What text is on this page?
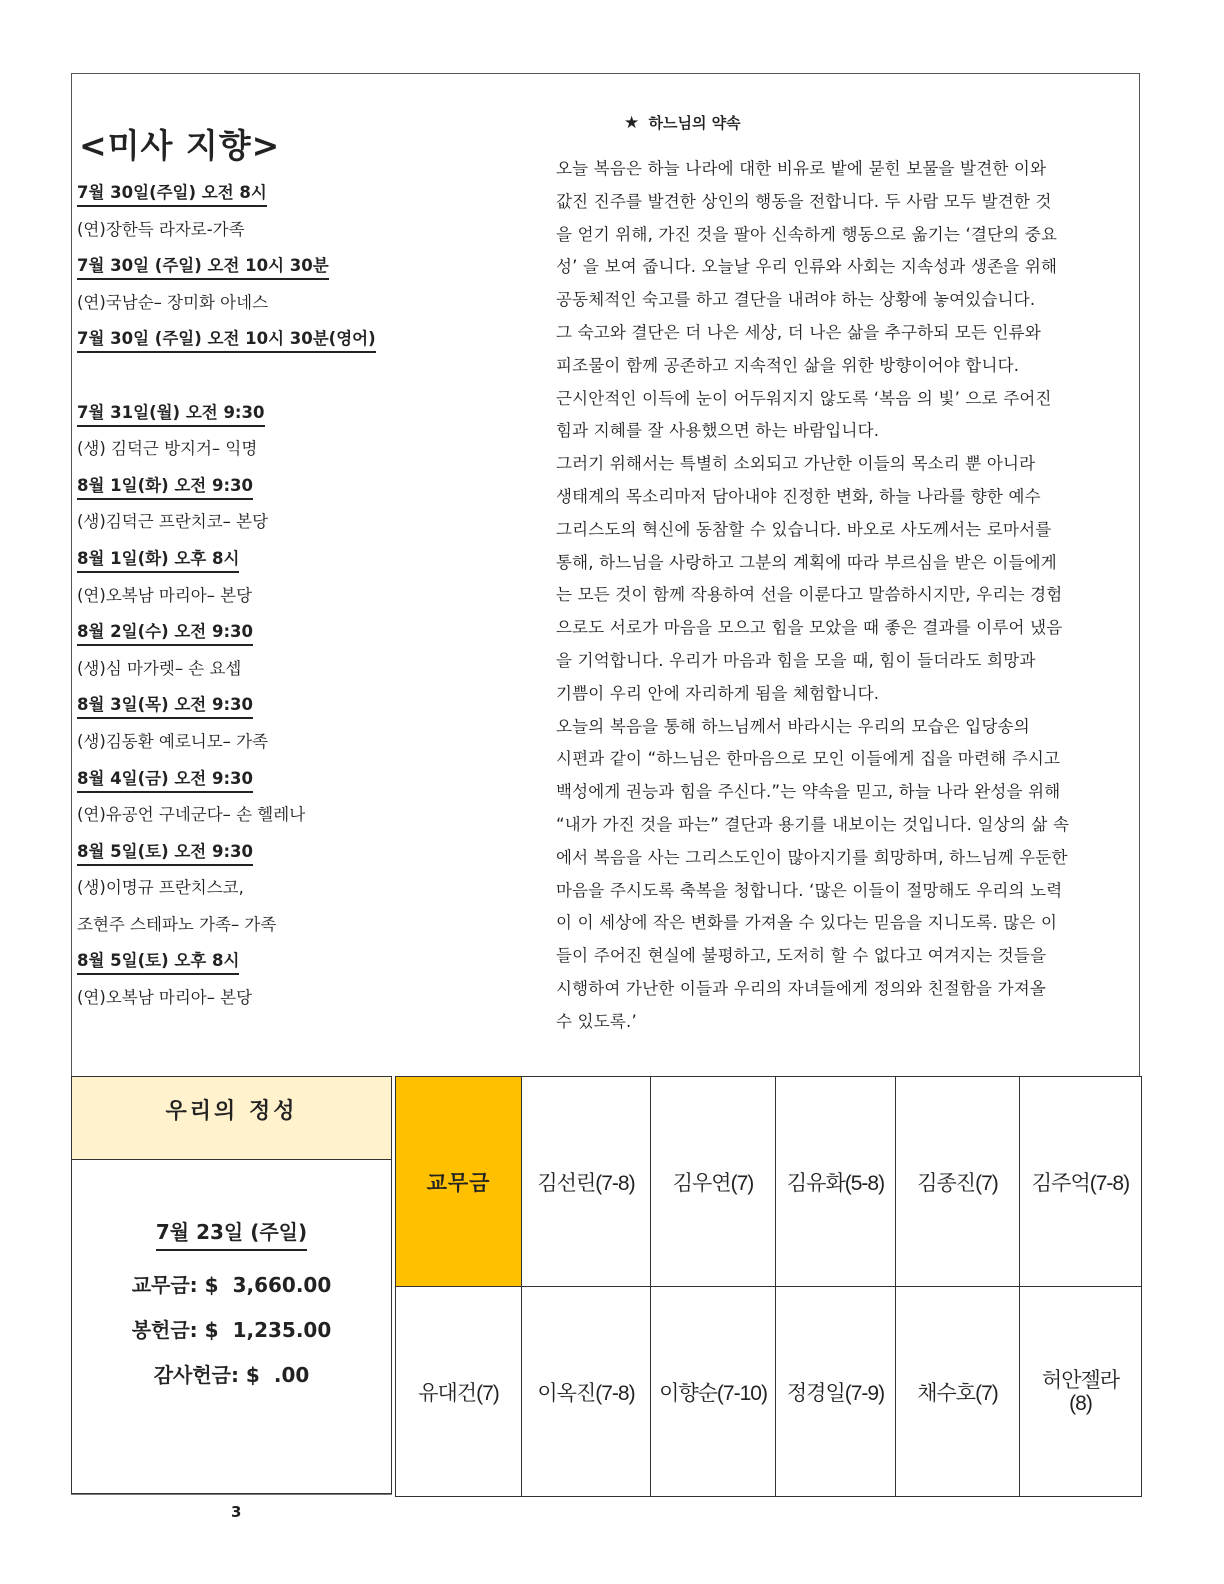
<미사 지향>
7월 30일(주일) 오전 8시
(연)장한득 라자로-가족
7월 30일 (주일) 오전 10시 30분
(연)국남순– 장미화 아네스
7월 30일 (주일) 오전 10시 30분(영어)
7월 31일(월) 오전 9:30
(생) 김덕근 방지거– 익명
8월 1일(화) 오전 9:30
(생)김덕근 프란치코– 본당
8월 1일(화) 오후 8시
(연)오복남 마리아– 본당
8월 2일(수) 오전 9:30
(생)심 마가렛– 손 요셉
8월 3일(목) 오전 9:30
(생)김동환 예로니모– 가족
8월 4일(금) 오전 9:30
(연)유공언 구네군다– 손 헬레나
8월 5일(토) 오전 9:30
(생)이명규 프란치스코,
조현주 스테파노 가족– 가족
8월 5일(토) 오후 8시
(연)오복남 마리아– 본당
★ 하느님의 약속
오늘 복음은 하늘 나라에 대한 비유로 밭에 묻힌 보물을 발견한 이와
값진 진주를 발견한 상인의 행동을 전합니다. 두 사람 모두 발견한 것
을 얻기 위해, 가진 것을 팔아 신속하게 행동으로 옮기는 ‘결단의 중요
성’ 을 보여 줍니다. 오늘날 우리 인류와 사회는 지속성과 생존을 위해
공동체적인 숙고를 하고 결단을 내려야 하는 상황에 놓여있습니다.
그 숙고와 결단은 더 나은 세상, 더 나은 삶을 추구하되 모든 인류와
피조물이 함께 공존하고 지속적인 삶을 위한 방향이어야 합니다.
근시안적인 이득에 눈이 어두워지지 않도록 ‘복음 의 빛’ 으로 주어진
힘과 지혜를 잘 사용했으면 하는 바람입니다.
그러기 위해서는 특별히 소외되고 가난한 이들의 목소리 뿐 아니라
생태계의 목소리마저 담아내야 진정한 변화, 하늘 나라를 향한 예수
그리스도의 혁신에 동참할 수 있습니다. 바오로 사도께서는 로마서를
통해, 하느님을 사랑하고 그분의 계획에 따라 부르심을 받은 이들에게
는 모든 것이 함께 작용하여 선을 이룬다고 말씀하시지만, 우리는 경험
으로도 서로가 마음을 모으고 힘을 모았을 때 좋은 결과를 이루어 냈음
을 기억합니다. 우리가 마음과 힘을 모을 때, 힘이 들더라도 희망과
기쁨이 우리 안에 자리하게 됨을 체험합니다.
오늘의 복음을 통해 하느님께서 바라시는 우리의 모습은 입당송의
시편과 같이 “하느님은 한마음으로 모인 이들에게 집을 마련해 주시고
백성에게 권능과 힘을 주신다.”는 약속을 믿고, 하늘 나라 완성을 위해
“내가 가진 것을 파는” 결단과 용기를 내보이는 것입니다. 일상의 삶 속
에서 복음을 사는 그리스도인이 많아지기를 희망하며, 하느님께 우둔한
마음을 주시도록 축복을 청합니다. ‘많은 이들이 절망해도 우리의 노력
이 이 세상에 작은 변화를 가져올 수 있다는 믿음을 지니도록. 많은 이
들이 주어진 현실에 불평하고, 도저히 할 수 없다고 여겨지는 것들을
시행하여 가난한 이들과 우리의 자녀들에게 정의와 친절함을 가져올
수 있도록.’
우리의 정성
7월 23일 (주일)
교무금: $ 3,660.00
봉헌금: $ 1,235.00
감사헌금: $ .00
교무금	김선린(7-8)	김우연(7)	김유화(5-8)	김종진(7)	김주억(7-8)
유대건(7)	이옥진(7-8)	이향순(7-10)	정경일(7-9)	채수호(7)	허안젤라
(8)
3
